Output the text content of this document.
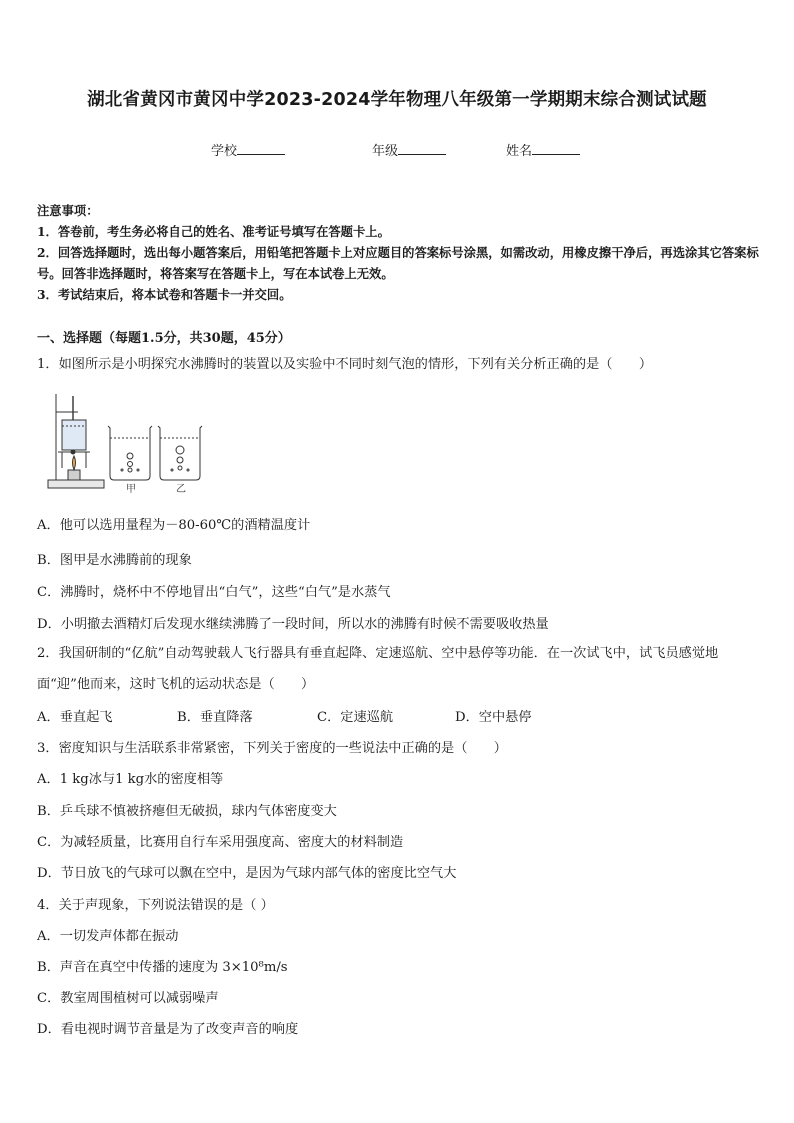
湖北省黄冈市黄冈中学2023-2024学年物理八年级第一学期期末综合测试试题
学校	年级	姓名

注意事项：

1．答卷前，考生务必将自己的姓名、准考证号填写在答题卡上。

2．回答选择题时，选出每小题答案后，用铅笔把答题卡上对应题目的答案标号涂黑，如需改动，用橡皮擦干净后，再选涂其它答案标号。回答非选择题时，将答案写在答题卡上，写在本试卷上无效。

3．考试结束后，将本试卷和答题卡一并交回。

一、选择题（每题1.5分，共30题，45分）
1．如图所示是小明探究水沸腾时的装置以及实验中不同时刻气泡的情形，下列有关分析正确的是（　　）
甲	乙
A．他可以选用量程为－80-60℃的酒精温度计
B．图甲是水沸腾前的现象
C．沸腾时，烧杯中不停地冒出“白气”，这些“白气”是水蒸气
D．小明撤去酒精灯后发现水继续沸腾了一段时间，所以水的沸腾有时候不需要吸收热量
2．我国研制的“亿航”自动驾驶载人飞行器具有垂直起降、定速巡航、空中悬停等功能．在一次试飞中，试飞员感觉地面“迎”他而来，这时飞机的运动状态是（　　）
A．垂直起飞	B．垂直降落	C．定速巡航	D．空中悬停
3．密度知识与生活联系非常紧密，下列关于密度的一些说法中正确的是（　　）
A．1 kg冰与1 kg水的密度相等
B．乒乓球不慎被挤瘪但无破损，球内气体密度变大
C．为减轻质量，比赛用自行车采用强度高、密度大的材料制造
D．节日放飞的气球可以飘在空中，是因为气球内部气体的密度比空气大
4．关于声现象，下列说法错误的是（ ）
A．一切发声体都在振动
B．声音在真空中传播的速度为 3×10⁸m/s
C．教室周围植树可以减弱噪声
D．看电视时调节音量是为了改变声音的响度
